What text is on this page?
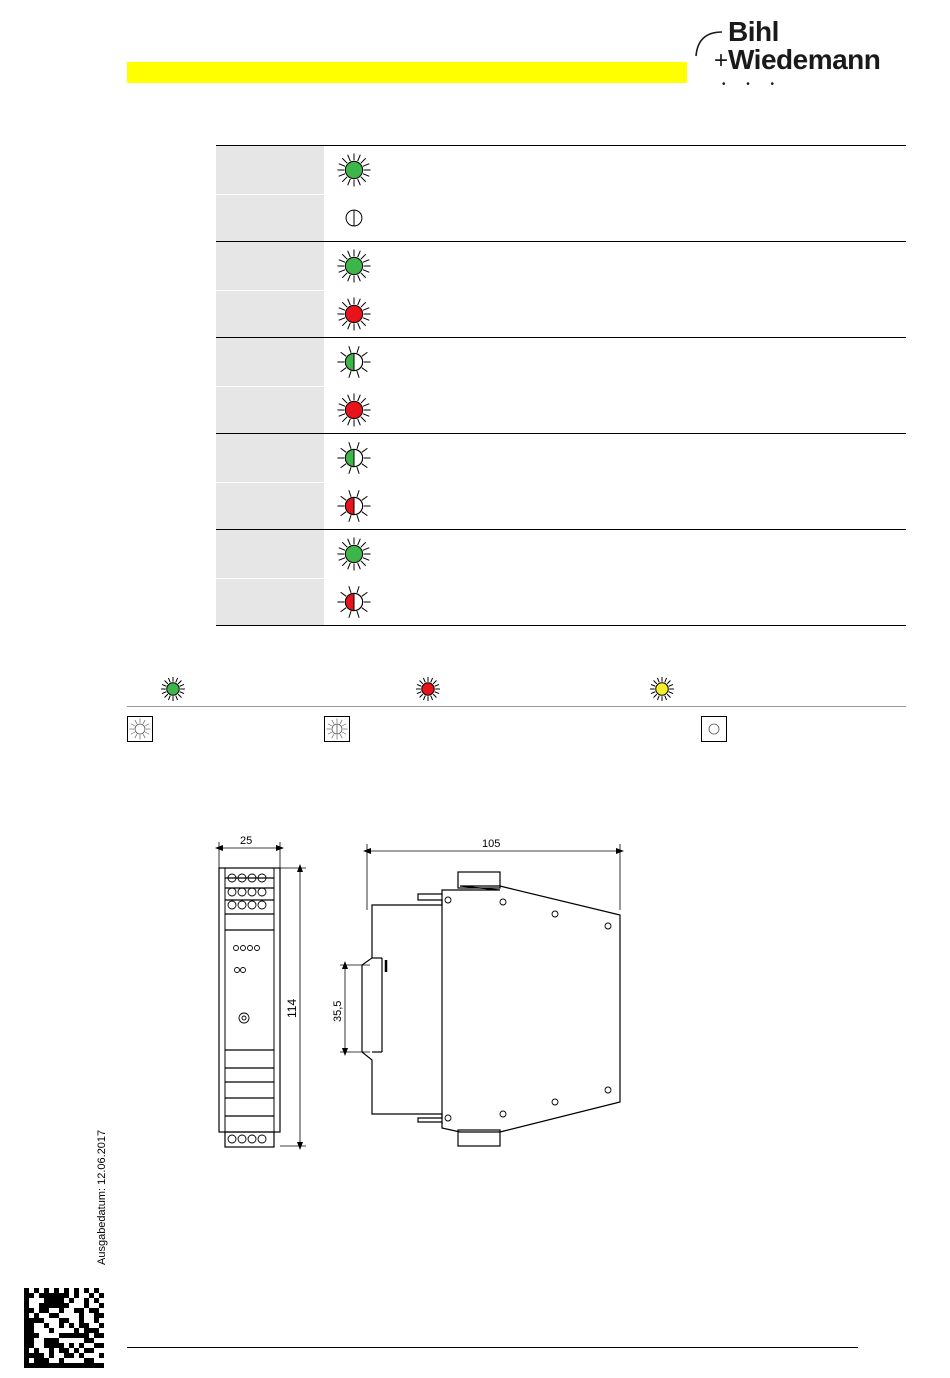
Bihl
+ Wiedemann
• • •
25
114
105
35,5
Ausgabedatum: 12.06.2017
